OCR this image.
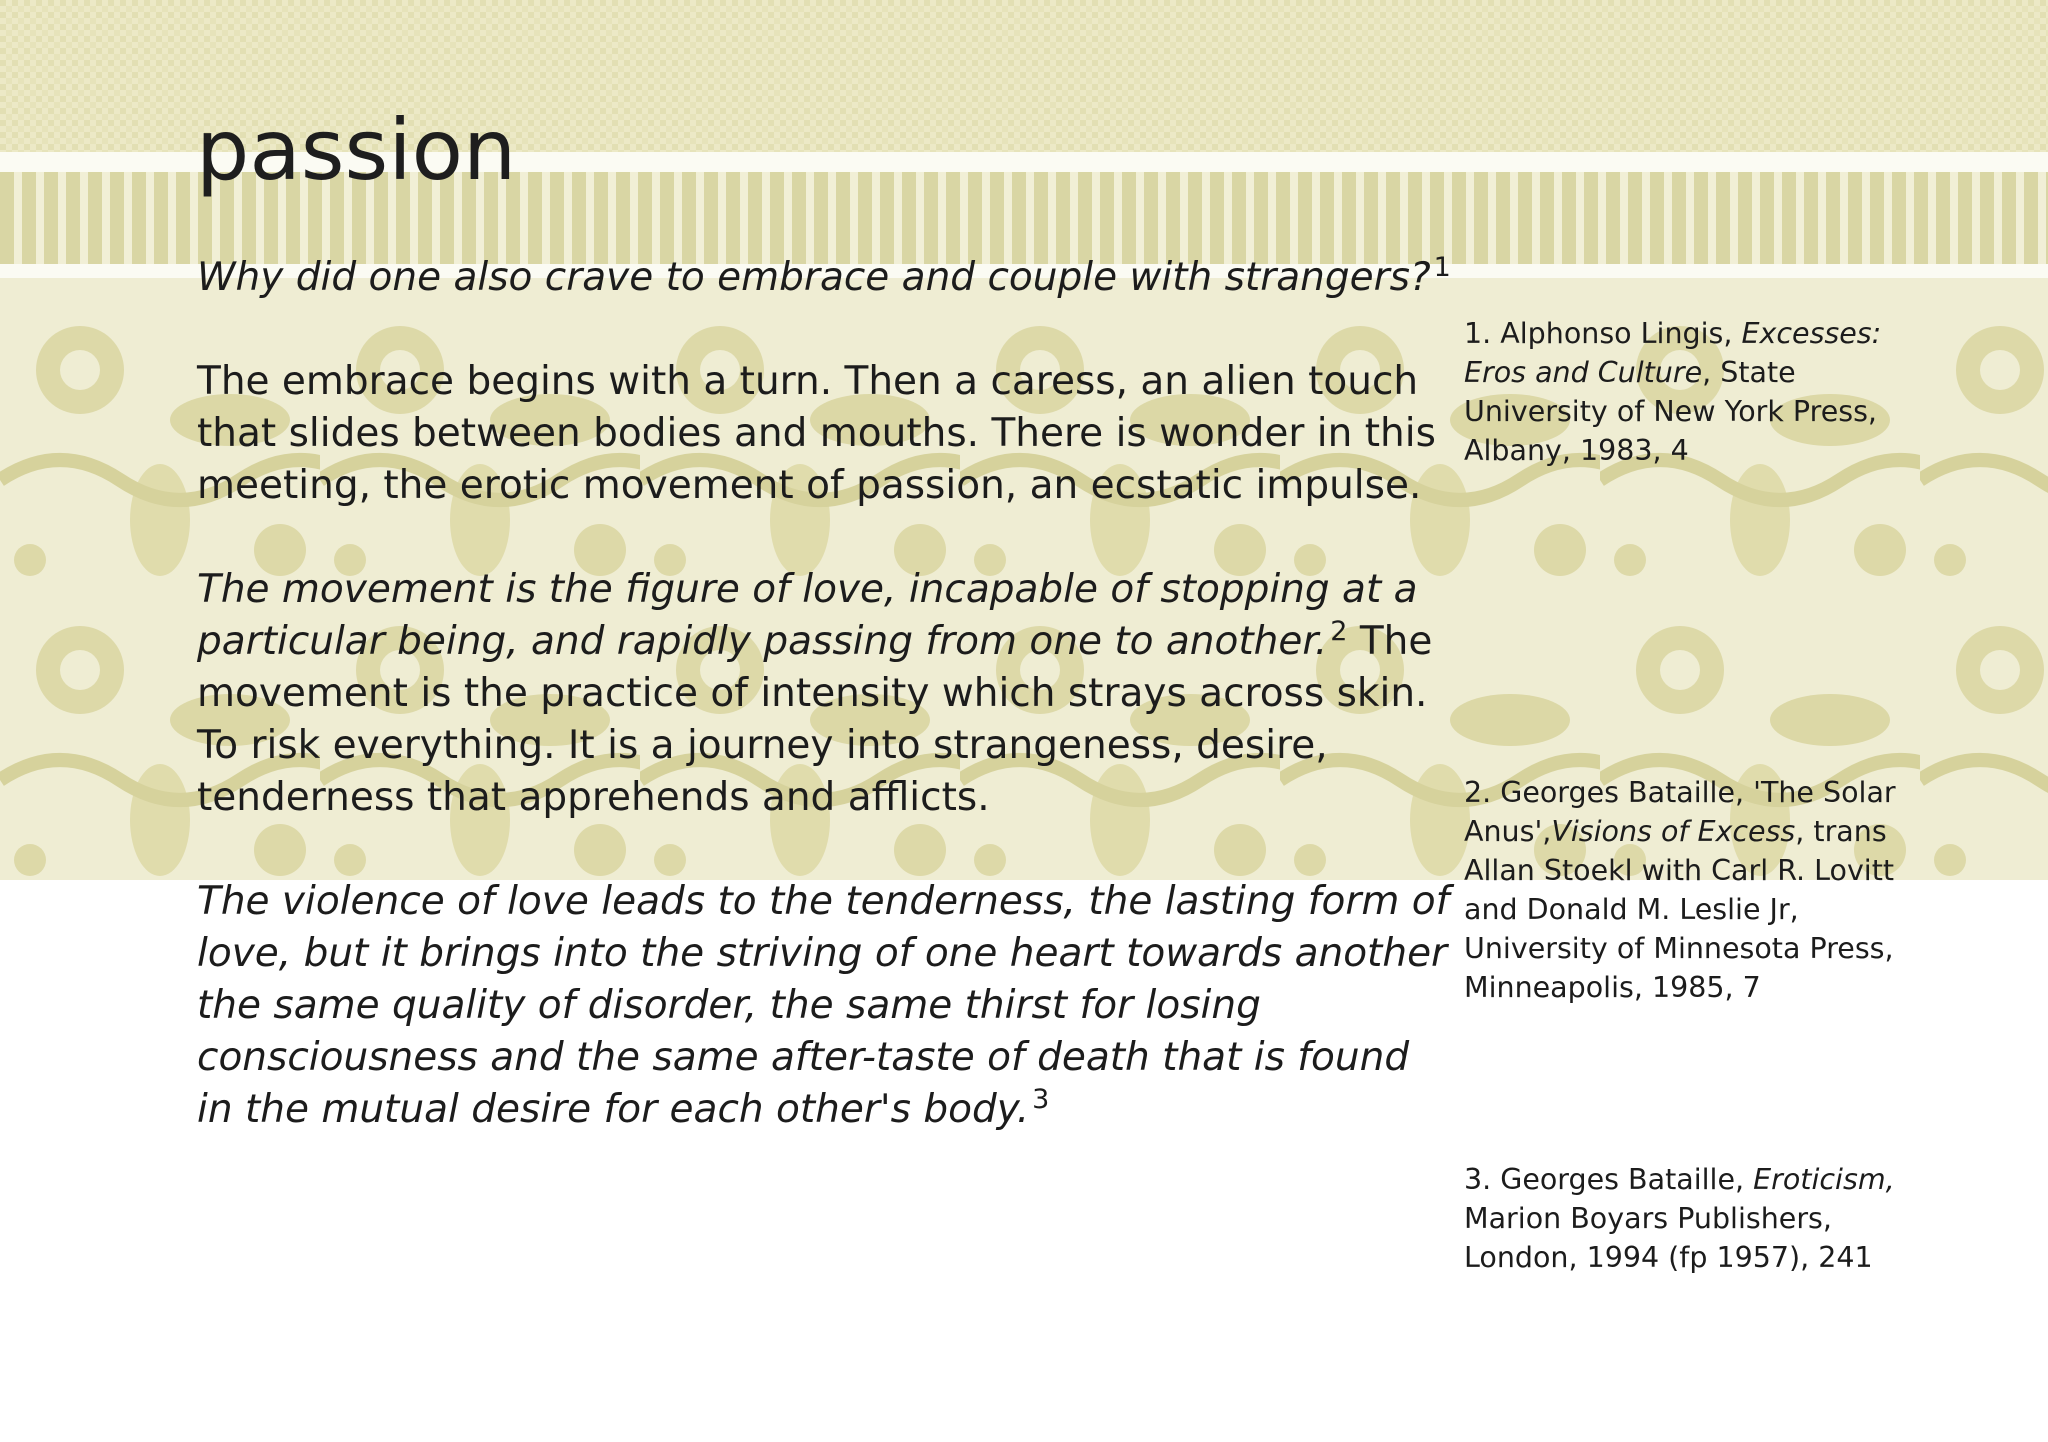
passion

Why did one also crave to embrace and couple with strangers? $^1$

The embrace begins with a turn. Then a caress, an alien touch that slides between bodies and mouths. There is wonder in this meeting, the erotic movement of passion, an ecstatic impulse.

The movement is the figure of love, incapable of stopping at a particular being, and rapidly passing from one to another. $^2$ The movement is the practice of intensity which strays across skin. To risk everything. It is a journey into strangeness, desire, tenderness that apprehends and afflicts.

The violence of love leads to the tenderness, the lasting form of love, but it brings into the striving of one heart towards another the same quality of disorder, the same thirst for losing consciousness and the same after-taste of death that is found in the mutual desire for each other's body. $^3$

1. Alphonso Lingis, Excesses: Eros and Culture, State University of New York Press, Albany, 1983, 4
2. Georges Bataille, 'The Solar Anus',Visions of Excess, trans Allan Stoekl with Carl R. Lovitt and Donald M. Leslie Jr, University of Minnesota Press, Minneapolis, 1985, 7
3. Georges Bataille, Eroticism, Marion Boyars Publishers, London, 1994 (fp 1957), 241
